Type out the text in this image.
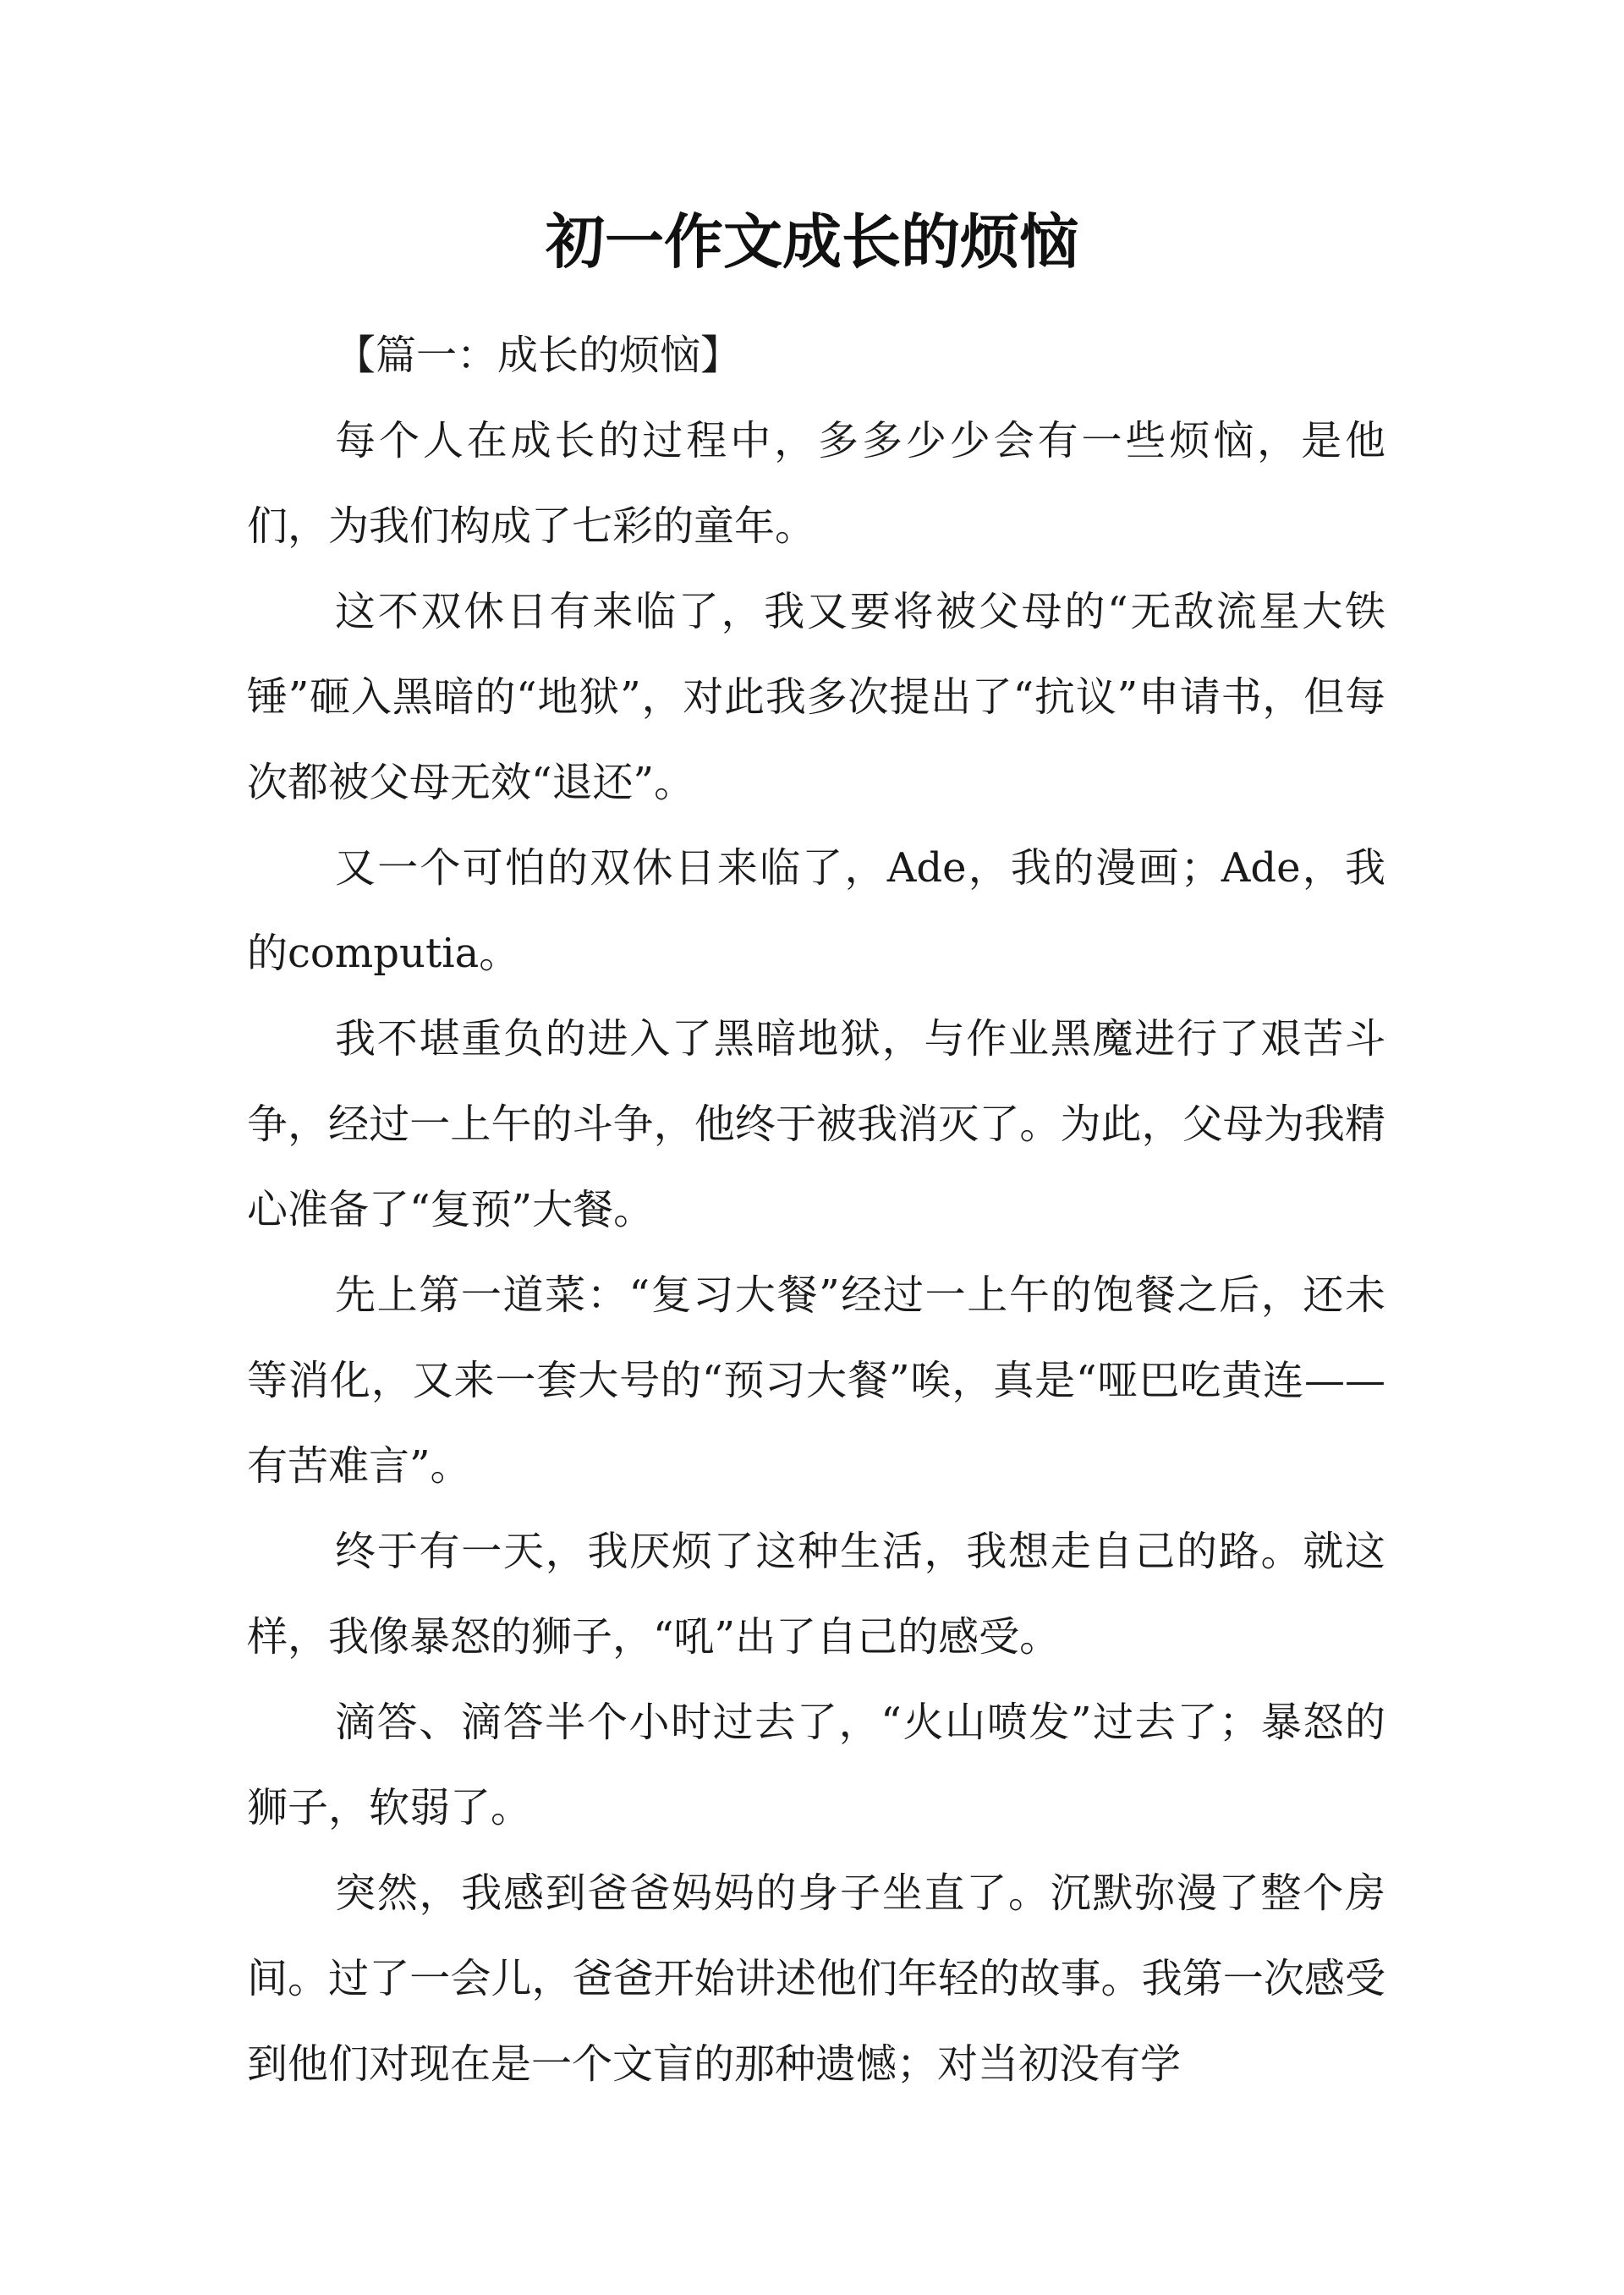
初一作文成长的烦恼

【篇一：成长的烦恼】

每个人在成长的过程中，多多少少会有一些烦恼，是他们，为我们构成了七彩的童年。

这不双休日有来临了，我又要将被父母的“无敌流星大铁锤”砸入黑暗的“地狱”，对此我多次提出了“抗议”申请书，但每次都被父母无效“退还”。

又一个可怕的双休日来临了，Ade，我的漫画；Ade，我的computia。

我不堪重负的进入了黑暗地狱，与作业黑魔进行了艰苦斗争，经过一上午的斗争，他终于被我消灭了。为此，父母为我精心准备了“复预”大餐。

先上第一道菜：“复习大餐”经过一上午的饱餐之后，还未等消化，又来一套大号的“预习大餐”唉，真是“哑巴吃黄连——有苦难言”。

终于有一天，我厌烦了这种生活，我想走自己的路。就这样，我像暴怒的狮子，“吼”出了自己的感受。

滴答、滴答半个小时过去了，“火山喷发”过去了；暴怒的狮子，软弱了。

突然，我感到爸爸妈妈的身子坐直了。沉默弥漫了整个房间。过了一会儿，爸爸开始讲述他们年轻的故事。我第一次感受到他们对现在是一个文盲的那种遗憾；对当初没有学
